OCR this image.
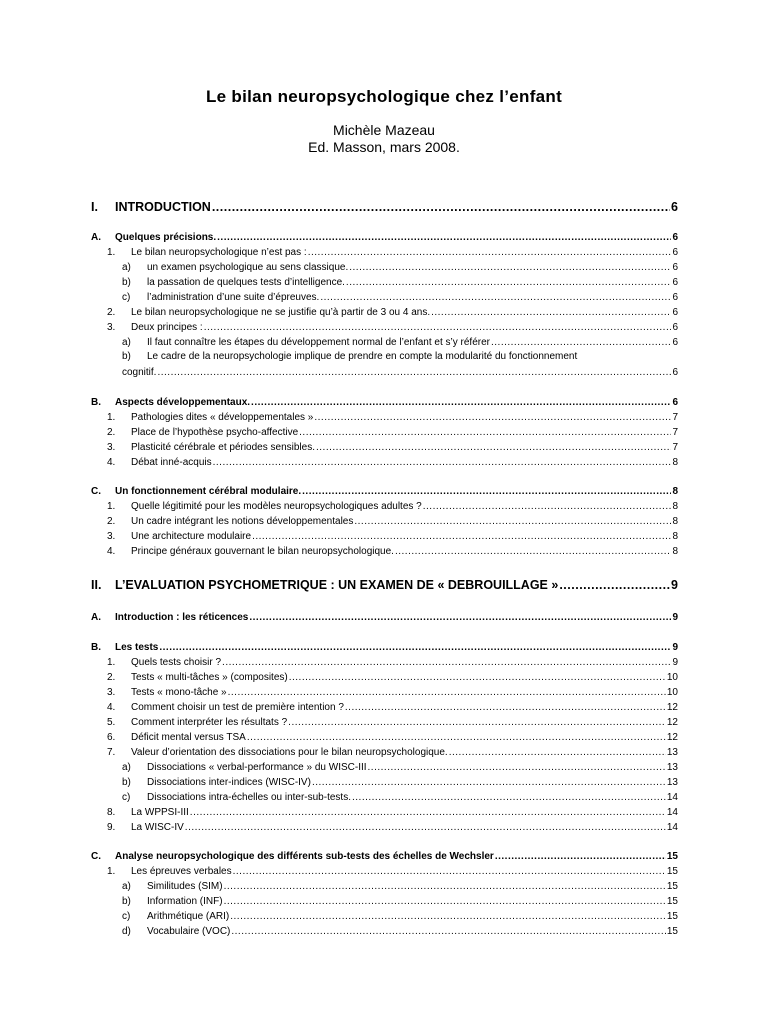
Le bilan neuropsychologique chez l’enfant
Michèle Mazeau
Ed. Masson, mars 2008.
I.	INTRODUCTION .....	6
A.	Quelques précisions. .....	6
1.	Le bilan neuropsychologique n’est pas : .....	6
a)	un examen psychologique au sens classique. .....	6
b)	la passation de quelques tests d’intelligence. .....	6
c)	l’administration d’une suite d’épreuves. .....	6
2.	Le bilan neuropsychologique ne se justifie qu’à partir de 3 ou 4 ans. .....	6
3.	Deux principes : .....	6
a)	Il faut connaître les étapes du développement normal de l’enfant et s’y référer .....	6
b) Le cadre de la neuropsychologie implique de prendre en compte la modularité du fonctionnement
cognitif. .....	6
B.	Aspects développementaux. .....	6
1.	Pathologies dites « développementales » .....	7
2.	Place de l’hypothèse psycho-affective .....	7
3.	Plasticité cérébrale et périodes sensibles. .....	7
4.	Débat inné-acquis .....	8
C.	Un fonctionnement cérébral modulaire. .....	8
1.	Quelle légitimité pour les modèles neuropsychologiques adultes ? .....	8
2.	Un cadre intégrant les notions développementales .....	8
3.	Une architecture modulaire .....	8
4.	Principe généraux gouvernant le bilan neuropsychologique. .....	8
II.	L’EVALUATION PSYCHOMETRIQUE : UN EXAMEN DE « DEBROUILLAGE » .....	9
A.	Introduction : les réticences .....	9
B.	Les tests .....	9
1.	Quels tests choisir ? .....	9
2.	Tests « multi-tâches » (composites) .....	10
3.	Tests « mono-tâche » .....	10
4.	Comment choisir un test de première intention ? .....	12
5.	Comment interpréter les résultats ? .....	12
6.	Déficit mental versus TSA .....	12
7.	Valeur d’orientation des dissociations pour le bilan neuropsychologique. .....	13
a)	Dissociations « verbal-performance » du WISC-III .....	13
b)	Dissociations inter-indices (WISC-IV) .....	13
c)	Dissociations intra-échelles ou inter-sub-tests. .....	14
8.	La WPPSI-III .....	14
9.	La WISC-IV .....	14
C.	Analyse neuropsychologique des différents sub-tests des échelles de Wechsler .....	15
1.	Les épreuves verbales .....	15
a)	Similitudes (SIM) .....	15
b)	Information (INF) .....	15
c)	Arithmétique (ARI) .....	15
d)	Vocabulaire (VOC) .....	15
